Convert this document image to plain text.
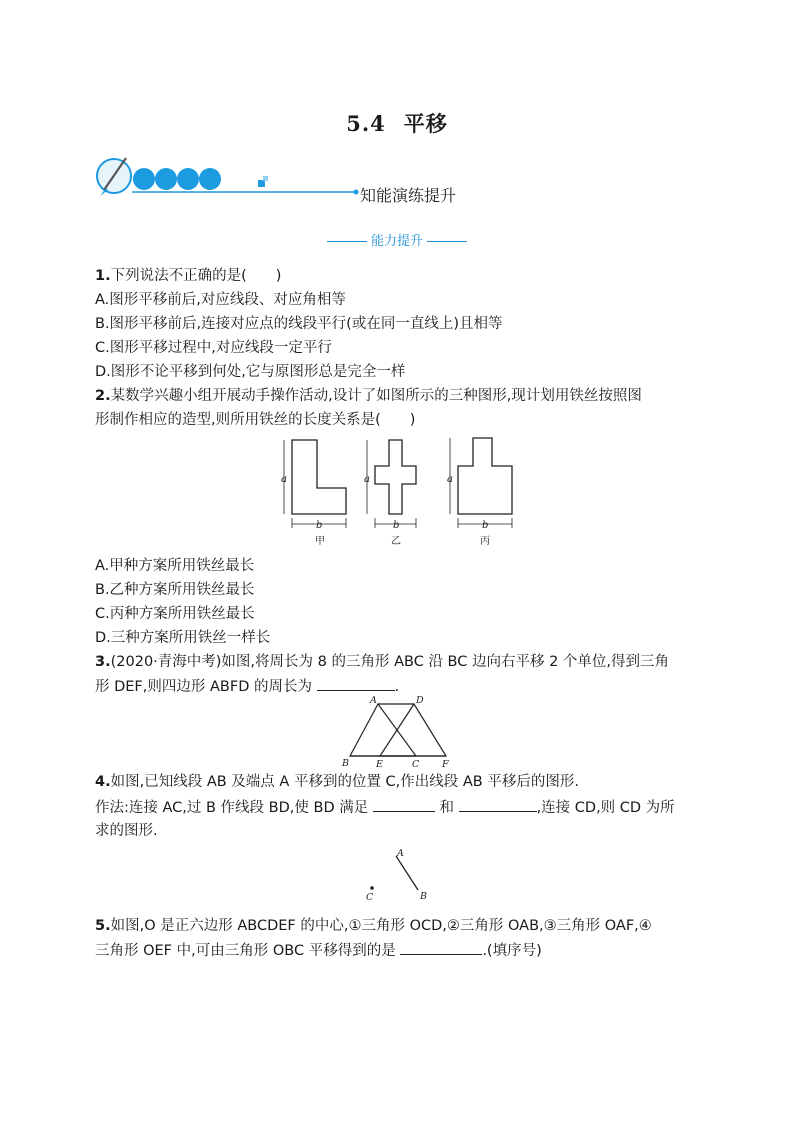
5.4 平移
知能演练提升
能力提升
1.下列说法不正确的是(　　)
A.图形平移前后,对应线段、对应角相等
B.图形平移前后,连接对应点的线段平行(或在同一直线上)且相等
C.图形平移过程中,对应线段一定平行
D.图形不论平移到何处,它与原图形总是完全一样
2.某数学兴趣小组开展动手操作活动,设计了如图所示的三种图形,现计划用铁丝按照图
形制作相应的造型,则所用铁丝的长度关系是(　　)
a
b
a
b
a
b
甲	乙	丙
A.甲种方案所用铁丝最长
B.乙种方案所用铁丝最长
C.丙种方案所用铁丝最长
D.三种方案所用铁丝一样长
3.(2020·青海中考)如图,将周长为 8 的三角形 ABC 沿 BC 边向右平移 2 个单位,得到三角
形 DEF,则四边形 ABFD 的周长为	.
A	D
B	E	C F
4.如图,已知线段 AB 及端点 A 平移到的位置 C,作出线段 AB 平移后的图形.
作法:连接 AC,过 B 作线段 BD,使 BD 满足	和	,连接 CD,则 CD 为所
求的图形.
A
B
C
5.如图,O 是正六边形 ABCDEF 的中心,①三角形 OCD,②三角形 OAB,③三角形 OAF,④
三角形 OEF 中,可由三角形 OBC 平移得到的是	.(填序号)
